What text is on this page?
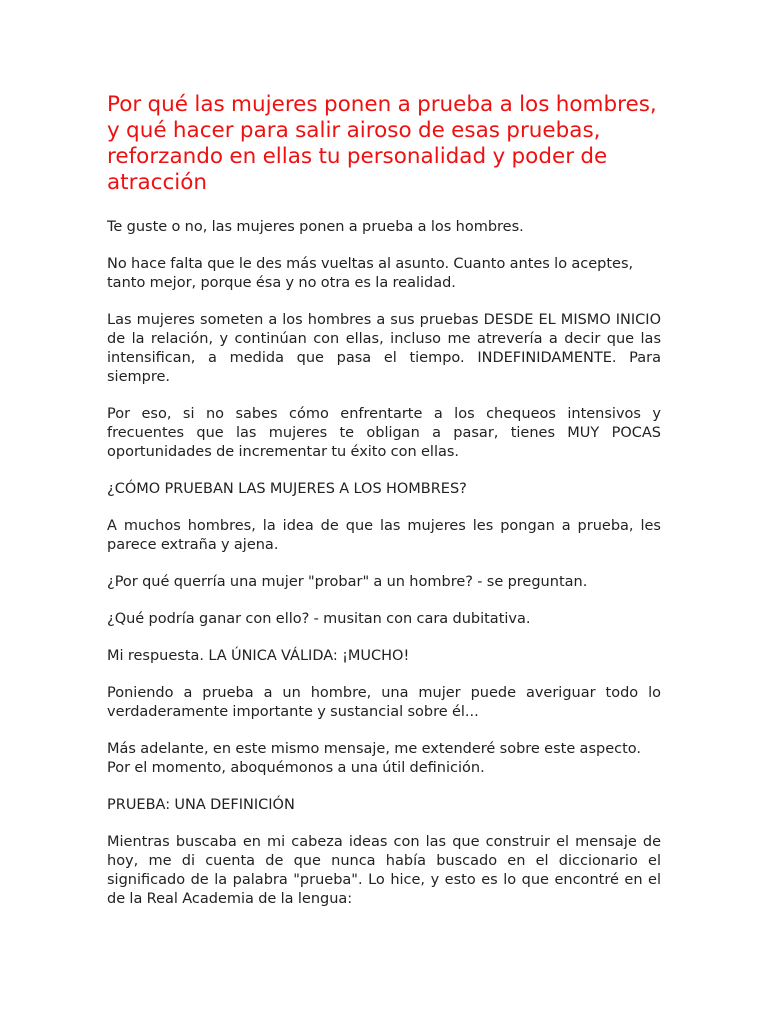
Por qué las mujeres ponen a prueba a los hombres, y qué hacer para salir airoso de esas pruebas, reforzando en ellas tu personalidad y poder de atracción

Te guste o no, las mujeres ponen a prueba a los hombres.

No hace falta que le des más vueltas al asunto. Cuanto antes lo aceptes, tanto mejor, porque ésa y no otra es la realidad.

Las mujeres someten a los hombres a sus pruebas DESDE EL MISMO INICIO de la relación, y continúan con ellas, incluso me atrevería a decir que las intensifican, a medida que pasa el tiempo. INDEFINIDAMENTE. Para siempre.

Por eso, si no sabes cómo enfrentarte a los chequeos intensivos y frecuentes que las mujeres te obligan a pasar, tienes MUY POCAS oportunidades de incrementar tu éxito con ellas.

¿CÓMO PRUEBAN LAS MUJERES A LOS HOMBRES?

A muchos hombres, la idea de que las mujeres les pongan a prueba, les parece extraña y ajena.

¿Por qué querría una mujer "probar" a un hombre? - se preguntan.

¿Qué podría ganar con ello? - musitan con cara dubitativa.

Mi respuesta. LA ÚNICA VÁLIDA: ¡MUCHO!

Poniendo a prueba a un hombre, una mujer puede averiguar todo lo verdaderamente importante y sustancial sobre él...

Más adelante, en este mismo mensaje, me extenderé sobre este aspecto. Por el momento, aboquémonos a una útil definición.

PRUEBA: UNA DEFINICIÓN

Mientras buscaba en mi cabeza ideas con las que construir el mensaje de hoy, me di cuenta de que nunca había buscado en el diccionario el significado de la palabra "prueba". Lo hice, y esto es lo que encontré en el de la Real Academia de la lengua:
